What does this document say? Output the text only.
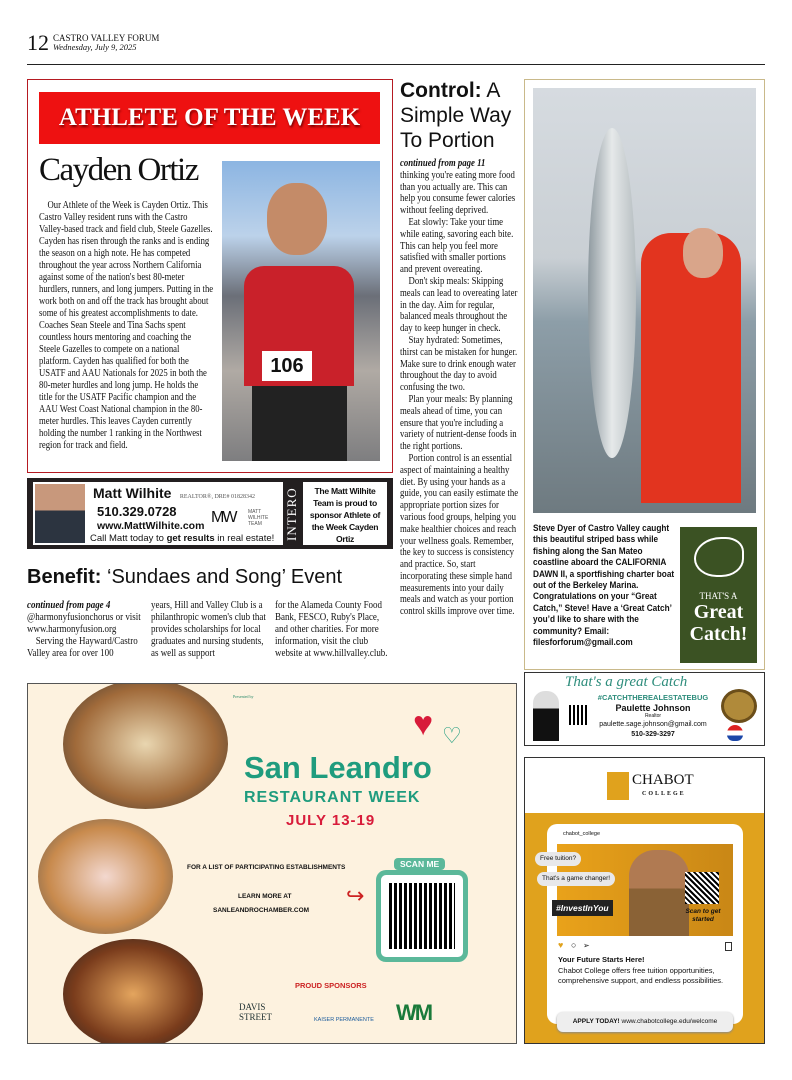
12 CASTRO VALLEY FORUM
Wednesday, July 9, 2025
ATHLETE OF THE WEEK
Cayden Ortiz

Our Athlete of the Week is Cayden Ortiz. This Castro Valley resident runs with the Castro Valley-based track and field club, Steele Gazelles. Cayden has risen through the ranks and is ending the season on a high note. He has competed throughout the year across Northern California against some of the nation's best 80-meter hurdlers, runners, and long jumpers. Putting in the work both on and off the track has brought about some of his greatest accomplishments to date. Coaches Sean Steele and Tina Sachs spent countless hours mentoring and coaching the Steele Gazelles to compete on a national platform. Cayden has qualified for both the USATF and AAU Nationals for 2025 in both the 80-meter hurdles and long jump. He holds the title for the USATF Pacific champion and the AAU West Coast National champion in the 80-meter hurdles. This leaves Cayden currently holding the number 1 ranking in the Northwest region for track and field.

106
Matt Wilhite REALTOR®, DRE# 01828342
510.329.0728
www.MattWilhite.com MW	MATT WILHITE TEAM
Call Matt today to get results in real estate! INTERO	The Matt Wilhite Team is proud to sponsor Athlete of the Week Cayden Ortiz
Benefit: ‘Sundaes and Song’ Event

continued from page 4

@harmonyfusionchorus or visit www.harmonyfusion.org

Serving the Hayward/Castro Valley area for over 100

years, Hill and Valley Club is a philanthropic women's club that provides scholarships for local graduates and nursing students, as well as support

for the Alameda County Food Bank, FESCO, Ruby's Place, and other charities. For more information, visit the club website at www.hillvalley.club.

Control: A Simple Way To Portion

continued from page 11

thinking you're eating more food than you actually are. This can help you consume fewer calories without feeling deprived.

Eat slowly: Take your time while eating, savoring each bite. This can help you feel more satisfied with smaller portions and prevent overeating.

Don't skip meals: Skipping meals can lead to overeating later in the day. Aim for regular, balanced meals throughout the day to keep hunger in check.

Stay hydrated: Sometimes, thirst can be mistaken for hunger. Make sure to drink enough water throughout the day to avoid confusing the two.

Plan your meals: By planning meals ahead of time, you can ensure that you're including a variety of nutrient-dense foods in the right portions.

Portion control is an essential aspect of maintaining a healthy diet. By using your hands as a guide, you can easily estimate the appropriate portion sizes for various food groups, helping you make healthier choices and reach your wellness goals. Remember, the key to success is consistency and practice. So, start incorporating these simple hand measurements into your daily meals and watch as your portion control skills improve over time.

Steve Dyer of Castro Valley caught this beautiful striped bass while fishing along the San Mateo coastline aboard the CALIFORNIA DAWN II, a sportfishing charter boat out of the Berkeley Marina. Congratulations on your “Great Catch,” Steve! Have a ‘Great Catch’ you’d like to share with the community? Email: filesforforum@gmail.com
THAT'S A
Great
Catch!
That's a great Catch
#CATCHTHEREALESTATEBUG
Paulette Johnson
Realtor
paulette.sage.johnson@gmail.com
510-329-3297
CHABOT
COLLEGE
chabot_college
Scan to get started
#InvestInYou
Free tuition?
That's a game changer!
♥ ○ ➢
Your Future Starts Here!
Chabot College offers free tuition opportunities, comprehensive support, and endless possibilities.
APPLY TODAY! www.chabotcollege.edu/welcome
Presented by
♥ ♡
San Leandro
RESTAURANT WEEK
JULY 13-19
FOR A LIST OF PARTICIPATING ESTABLISHMENTS
LEARN MORE AT
SANLEANDROCHAMBER.COM
↪
SCAN ME
PROUD SPONSORS
DAVIS STREET	KAISER PERMANENTE WM
